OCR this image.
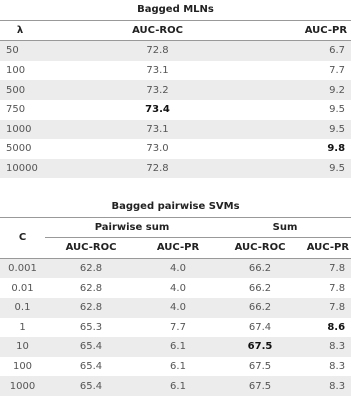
Bagged MLNs		
λ	AUC-ROC	AUC-PR
50	72.8	6.7
100	73.1	7.7
500	73.2	9.2
750	73.4	9.5
1000	73.1	9.5
5000	73.0	9.8
10000	72.8	9.5
Bagged pairwise SVMs				
C	Pairwise sum		Sum	
	AUC-ROC	AUC-PR	AUC-ROC	AUC-PR
0.001	62.8	4.0	66.2	7.8
0.01	62.8	4.0	66.2	7.8
0.1	62.8	4.0	66.2	7.8
1	65.3	7.7	67.4	8.6
10	65.4	6.1	67.5	8.3
100	65.4	6.1	67.5	8.3
1000	65.4	6.1	67.5	8.3
